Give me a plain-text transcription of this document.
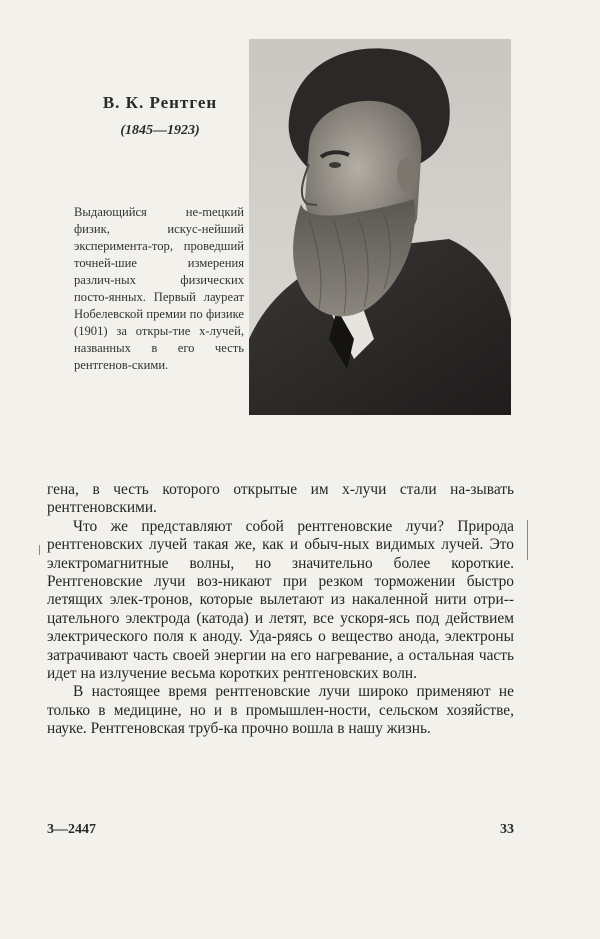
В. К. Рентген

(1845—1923)

Выдающийся не-mецкий физик, искус-нейший эксперимента-тор, проведший точней-шие измерения различ-ных физических посто-янных. Первый лауреат Нобелевской премии по физике (1901) за откры-тие х-лучей, названных в его честь рентгенов-скими.

гена, в честь которого открытые им х-лучи стали на-зывать рентгеновскими.

Что же представляют собой рентгеновские лучи? Природа рентгеновских лучей такая же, как и обыч-ных видимых лучей. Это электромагнитные волны, но значительно более короткие. Рентгеновские лучи воз-никают при резком торможении быстро летящих элек-тронов, которые вылетают из накаленной нити отри-цательного электрода (катода) и летят, все ускоря-ясь под действием электрического поля к аноду. Уда-ряясь о вещество анода, электроны затрачивают часть своей энергии на его нагревание, а остальная часть идет на излучение весьма коротких рентгеновских волн.

В настоящее время рентгеновские лучи широко применяют не только в медицине, но и в промышлен-ности, сельском хозяйстве, науке. Рентгеновская труб-ка прочно вошла в нашу жизнь.

3—2447	33
